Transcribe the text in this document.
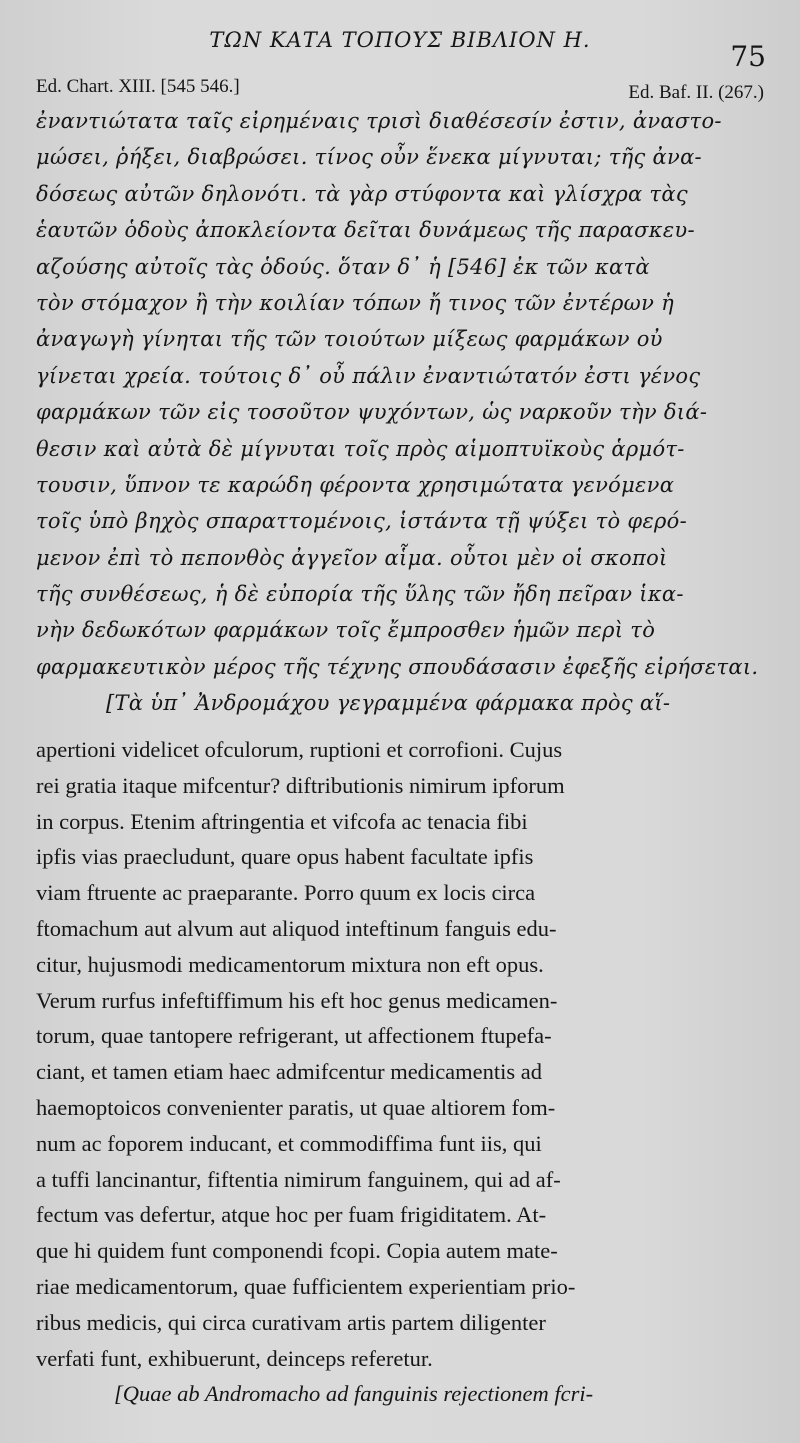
ΤΩΝ ΚΑΤΑ ΤΟΠΟΥΣ ΒΙΒΛΙΟΝ Η.	75
Ed. Chart. XIII. [545 546.]	Ed. Baf. II. (267.)
ἐναντιώτατα ταῖς εἰρημέναις τρισὶ διαθέσεσίν ἐστιν, ἀναστο-
μώσει, ῥήξει, διαβρώσει. τίνος οὖν ἕνεκα μίγνυται; τῆς ἀνα-
δόσεως αὐτῶν δηλονότι. τὰ γὰρ στύφοντα καὶ γλίσχρα τὰς
ἑαυτῶν ὁδοὺς ἀποκλείοντα δεῖται δυνάμεως τῆς παρασκευ-
αζούσης αὐτοῖς τὰς ὁδούς. ὅταν δ᾽ ἡ [546] ἐκ τῶν κατὰ
τὸν στόμαχον ἢ τὴν κοιλίαν τόπων ἤ τινος τῶν ἐντέρων ἡ
ἀναγωγὴ γίνηται τῆς τῶν τοιούτων μίξεως φαρμάκων οὐ
γίνεται χρεία. τούτοις δ᾽ οὖ πάλιν ἐναντιώτατόν ἐστι γένος
φαρμάκων τῶν εἰς τοσοῦτον ψυχόντων, ὡς ναρκοῦν τὴν διά-
θεσιν καὶ αὐτὰ δὲ μίγνυται τοῖς πρὸς αἱμοπτυϊκοὺς ἁρμότ-
τουσιν, ὕπνον τε καρώδη φέροντα χρησιμώτατα γενόμενα
τοῖς ὑπὸ βηχὸς σπαραττομένοις, ἱστάντα τῇ ψύξει τὸ φερό-
μενον ἐπὶ τὸ πεπονθὸς ἀγγεῖον αἷμα. οὗτοι μὲν οἱ σκοποὶ
τῆς συνθέσεως, ἡ δὲ εὐπορία τῆς ὕλης τῶν ἤδη πεῖραν ἱκα-
νὴν δεδωκότων φαρμάκων τοῖς ἔμπροσθεν ἡμῶν περὶ τὸ
φαρμακευτικὸν μέρος τῆς τέχνης σπουδάσασιν ἐφεξῆς εἰρήσεται.
[Τὰ ὑπ᾽ Ἀνδρομάχου γεγραμμένα φάρμακα πρὸς αἵ-
apertioni videlicet ofculorum, ruptioni et corrofioni. Cujus
rei gratia itaque mifcentur? diftributionis nimirum ipforum
in corpus. Etenim aftringentia et vifcofa ac tenacia fibi
ipfis vias praecludunt, quare opus habent facultate ipfis
viam ftruente ac praeparante. Porro quum ex locis circa
ftomachum aut alvum aut aliquod inteftinum fanguis edu-
citur, hujusmodi medicamentorum mixtura non eft opus.
Verum rurfus infeftiffimum his eft hoc genus medicamen-
torum, quae tantopere refrigerant, ut affectionem ftupefa-
ciant, et tamen etiam haec admifcentur medicamentis ad
haemoptoicos convenienter paratis, ut quae altiorem fom-
num ac foporem inducant, et commodiffima funt iis, qui
a tuffi lancinantur, fiftentia nimirum fanguinem, qui ad af-
fectum vas defertur, atque hoc per fuam frigiditatem. At-
que hi quidem funt componendi fcopi. Copia autem mate-
riae medicamentorum, quae fufficientem experientiam prio-
ribus medicis, qui circa curativam artis partem diligenter
verfati funt, exhibuerunt, deinceps referetur.
[Quae ab Andromacho ad fanguinis rejectionem fcri-
